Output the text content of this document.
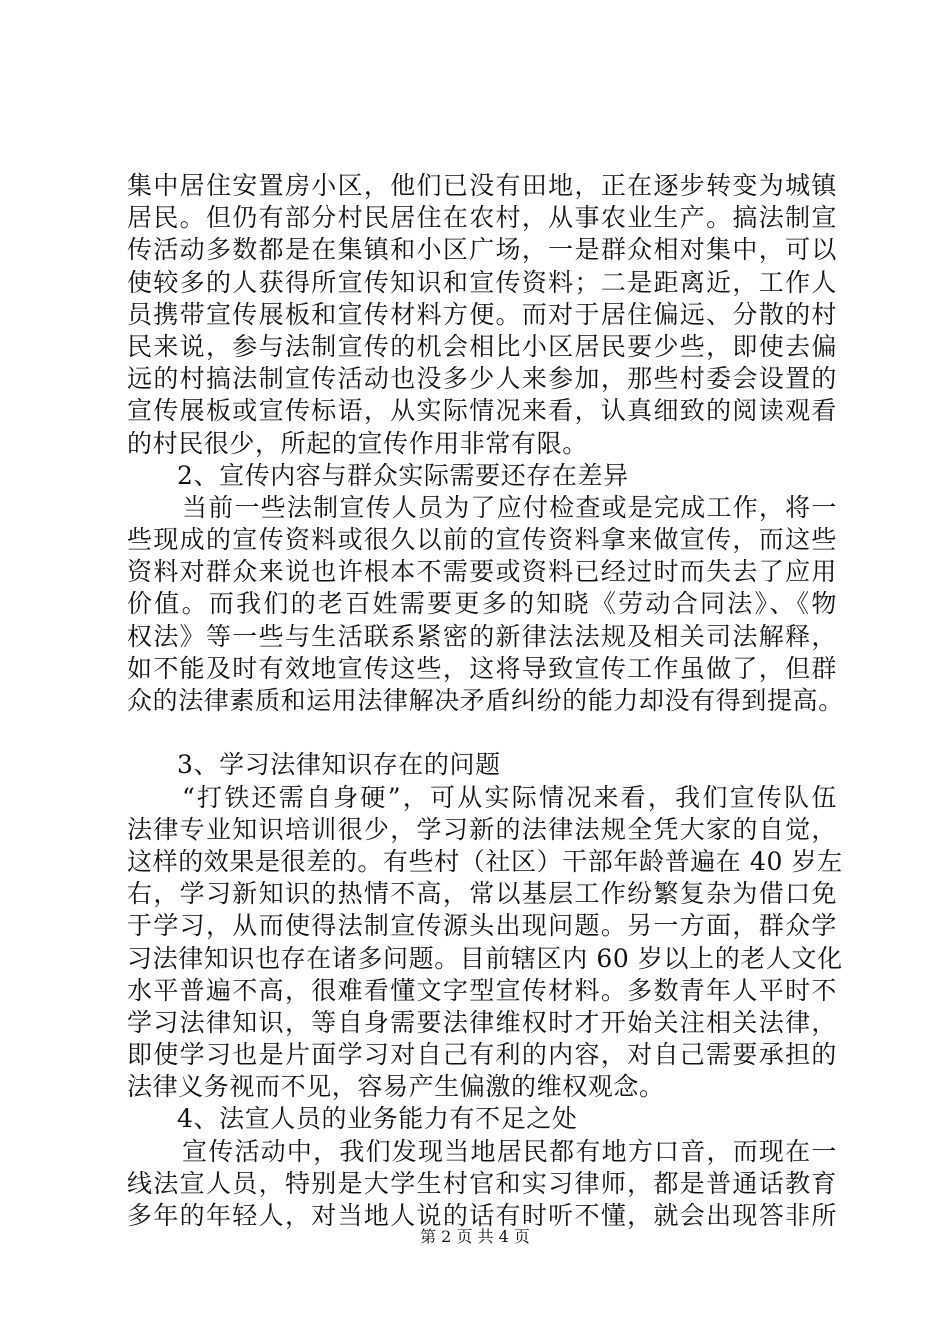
集中居住安置房小区，他们已没有田地，正在逐步转变为城镇
居民。但仍有部分村民居住在农村，从事农业生产。搞法制宣
传活动多数都是在集镇和小区广场，一是群众相对集中，可以
使较多的人获得所宣传知识和宣传资料；二是距离近，工作人
员携带宣传展板和宣传材料方便。而对于居住偏远、分散的村
民来说，参与法制宣传的机会相比小区居民要少些，即使去偏
远的村搞法制宣传活动也没多少人来参加，那些村委会设置的
宣传展板或宣传标语，从实际情况来看，认真细致的阅读观看
的村民很少，所起的宣传作用非常有限。
2、宣传内容与群众实际需要还存在差异
当前一些法制宣传人员为了应付检查或是完成工作，将一
些现成的宣传资料或很久以前的宣传资料拿来做宣传，而这些
资料对群众来说也许根本不需要或资料已经过时而失去了应用
价值。而我们的老百姓需要更多的知晓《劳动合同法》、《物
权法》等一些与生活联系紧密的新律法法规及相关司法解释，
如不能及时有效地宣传这些，这将导致宣传工作虽做了，但群
众的法律素质和运用法律解决矛盾纠纷的能力却没有得到提高。
3、学习法律知识存在的问题
“打铁还需自身硬”，可从实际情况来看，我们宣传队伍
法律专业知识培训很少，学习新的法律法规全凭大家的自觉，
这样的效果是很差的。有些村（社区）干部年龄普遍在 40 岁左
右，学习新知识的热情不高，常以基层工作纷繁复杂为借口免
于学习，从而使得法制宣传源头出现问题。另一方面，群众学
习法律知识也存在诸多问题。目前辖区内 60 岁以上的老人文化
水平普遍不高，很难看懂文字型宣传材料。多数青年人平时不
学习法律知识，等自身需要法律维权时才开始关注相关法律，
即使学习也是片面学习对自己有利的内容，对自己需要承担的
法律义务视而不见，容易产生偏激的维权观念。
4、法宣人员的业务能力有不足之处
宣传活动中，我们发现当地居民都有地方口音，而现在一
线法宣人员，特别是大学生村官和实习律师，都是普通话教育
多年的年轻人，对当地人说的话有时听不懂，就会出现答非所
第 2 页 共 4 页
